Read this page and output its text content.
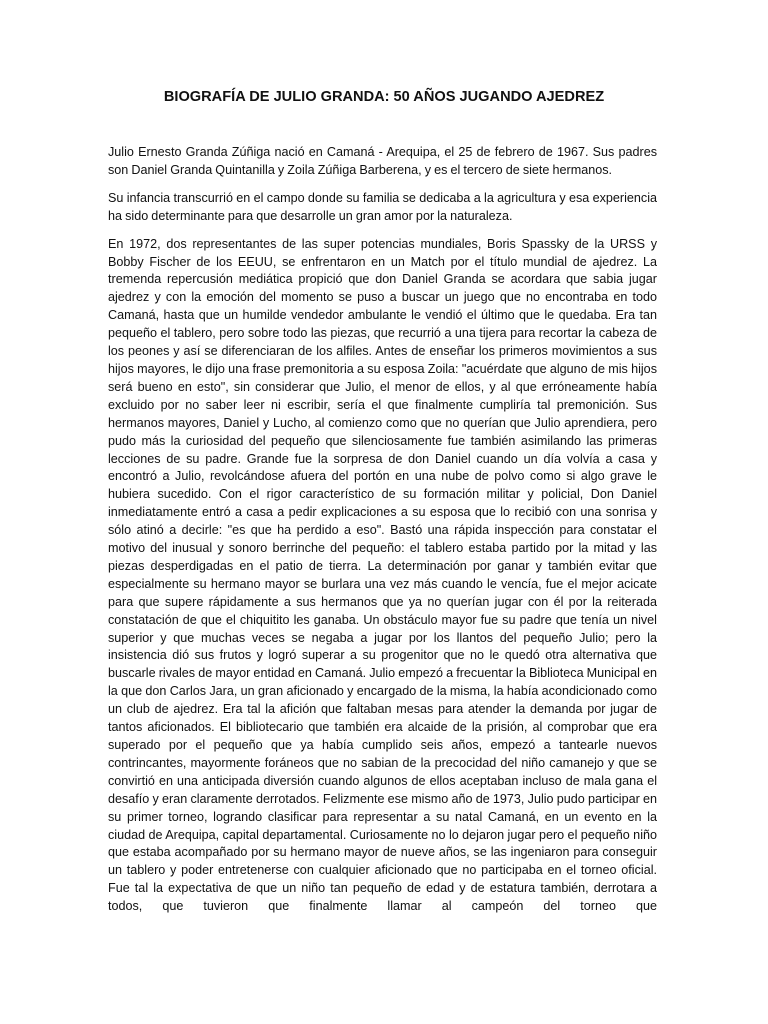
BIOGRAFÍA DE JULIO GRANDA: 50 AÑOS JUGANDO AJEDREZ

Julio Ernesto Granda Zúñiga nació en Camaná - Arequipa, el 25 de febrero de 1967. Sus padres son Daniel Granda Quintanilla y Zoila Zúñiga Barberena, y es el tercero de siete hermanos.

Su infancia transcurrió en el campo donde su familia se dedicaba a la agricultura y esa experiencia ha sido determinante para que desarrolle un gran amor por la naturaleza.

En 1972, dos representantes de las super potencias mundiales, Boris Spassky de la URSS y Bobby Fischer de los EEUU, se enfrentaron en un Match por el título mundial de ajedrez. La tremenda repercusión mediática propició que don Daniel Granda se acordara que sabia jugar ajedrez y con la emoción del momento se puso a buscar un juego que no encontraba en todo Camaná, hasta que un humilde vendedor ambulante le vendió el último que le quedaba. Era tan pequeño el tablero, pero sobre todo las piezas, que recurrió a una tijera para recortar la cabeza de los peones y así se diferenciaran de los alfiles. Antes de enseñar los primeros movimientos a sus hijos mayores, le dijo una frase premonitoria a su esposa Zoila: "acuérdate que alguno de mis hijos será bueno en esto", sin considerar que Julio, el menor de ellos, y al que erróneamente había excluido por no saber leer ni escribir, sería el que finalmente cumpliría tal premonición. Sus hermanos mayores, Daniel y Lucho, al comienzo como que no querían que Julio aprendiera, pero pudo más la curiosidad del pequeño que silenciosamente fue también asimilando las primeras lecciones de su padre. Grande fue la sorpresa de don Daniel cuando un día volvía a casa y encontró a Julio, revolcándose afuera del portón en una nube de polvo como si algo grave le hubiera sucedido. Con el rigor característico de su formación militar y policial, Don Daniel inmediatamente entró a casa a pedir explicaciones a su esposa que lo recibió con una sonrisa y sólo atinó a decirle: "es que ha perdido a eso". Bastó una rápida inspección para constatar el motivo del inusual y sonoro berrinche del pequeño: el tablero estaba partido por la mitad y las piezas desperdigadas en el patio de tierra. La determinación por ganar y también evitar que especialmente su hermano mayor se burlara una vez más cuando le vencía, fue el mejor acicate para que supere rápidamente a sus hermanos que ya no querían jugar con él por la reiterada constatación de que el chiquitito les ganaba. Un obstáculo mayor fue su padre que tenía un nivel superior y que muchas veces se negaba a jugar por los llantos del pequeño Julio; pero la insistencia dió sus frutos y logró superar a su progenitor que no le quedó otra alternativa que buscarle rivales de mayor entidad en Camaná. Julio empezó a frecuentar la Biblioteca Municipal en la que don Carlos Jara, un gran aficionado y encargado de la misma, la había acondicionado como un club de ajedrez. Era tal la afición que faltaban mesas para atender la demanda por jugar de tantos aficionados. El bibliotecario que también era alcaide de la prisión, al comprobar que era superado por el pequeño que ya había cumplido seis años, empezó a tantearle nuevos contrincantes, mayormente foráneos que no sabian de la precocidad del niño camanejo y que se convirtió en una anticipada diversión cuando algunos de ellos aceptaban incluso de mala gana el desafío y eran claramente derrotados. Felizmente ese mismo año de 1973, Julio pudo participar en su primer torneo, logrando clasificar para representar a su natal Camaná, en un evento en la ciudad de Arequipa, capital departamental. Curiosamente no lo dejaron jugar pero el pequeño niño que estaba acompañado por su hermano mayor de nueve años, se las ingeniaron para conseguir un tablero y poder entretenerse con cualquier aficionado que no participaba en el torneo oficial. Fue tal la expectativa de que un niño tan pequeño de edad y de estatura también, derrotara a todos, que tuvieron que finalmente llamar al campeón del torneo que
